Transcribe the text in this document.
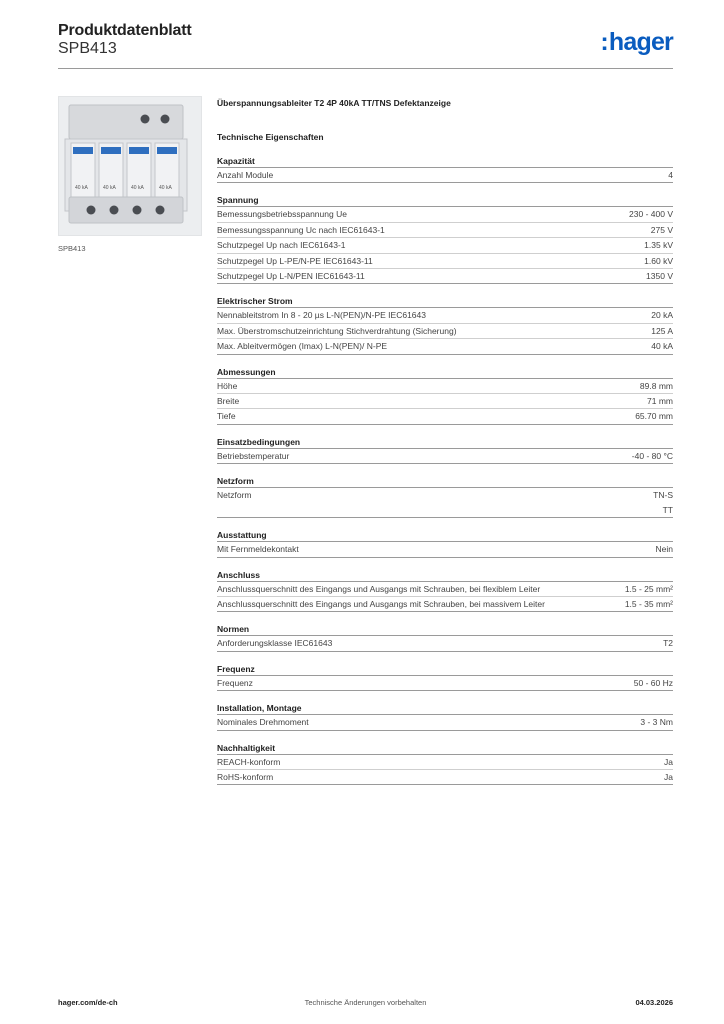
Produktdatenblatt
SPB413	:hager
40 kA	40 kA	40 kA	40 kA
SPB413
Überspannungsableiter T2 4P 40kA TT/TNS Defektanzeige
Technische Eigenschaften
Kapazität
Anzahl Module	4
Spannung
Bemessungsbetriebsspannung Ue	230 - 400 V
Bemessungsspannung Uc nach IEC61643-1	275 V
Schutzpegel Up nach IEC61643-1	1.35 kV
Schutzpegel Up L-PE/N-PE IEC61643-11	1.60 kV
Schutzpegel Up L-N/PEN IEC61643-11	1350 V
Elektrischer Strom
Nennableitstrom In 8 - 20 µs L-N(PEN)/N-PE IEC61643	20 kA
Max. Überstromschutzeinrichtung Stichverdrahtung (Sicherung)	125 A
Max. Ableitvermögen (Imax) L-N(PEN)/ N-PE	40 kA
Abmessungen
Höhe	89.8 mm
Breite	71 mm
Tiefe	65.70 mm
Einsatzbedingungen
Betriebstemperatur	-40 - 80 °C
Netzform
Netzform	TN-S
TT
Ausstattung
Mit Fernmeldekontakt	Nein
Anschluss
Anschlussquerschnitt des Eingangs und Ausgangs mit Schrauben, bei flexiblem Leiter	1.5 - 25 mm²
Anschlussquerschnitt des Eingangs und Ausgangs mit Schrauben, bei massivem Leiter	1.5 - 35 mm²
Normen
Anforderungsklasse IEC61643	T2
Frequenz
Frequenz	50 - 60 Hz
Installation, Montage
Nominales Drehmoment	3 - 3 Nm
Nachhaltigkeit
REACH-konform	Ja
RoHS-konform	Ja
hager.com/de-ch	Technische Änderungen vorbehalten	04.03.2026
